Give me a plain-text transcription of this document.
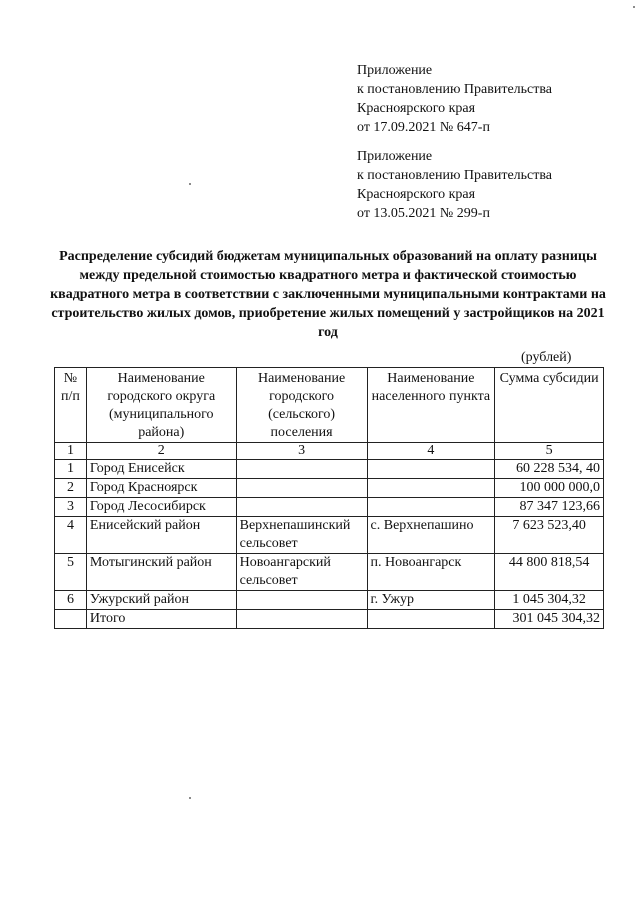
Приложение
к постановлению Правительства
Красноярского края
от 17.09.2021 № 647-п
Приложение
к постановлению Правительства
Красноярского края
от 13.05.2021 № 299-п
Распределение субсидий бюджетам муниципальных образований на оплату разницы между предельной стоимостью квадратного метра и фактической стоимостью квадратного метра в соответствии с заключенными муниципальными контрактами на строительство жилых домов, приобретение жилых помещений у застройщиков на 2021 год
(рублей)
№ п/п	Наименование городского округа (муниципального района)	Наименование городского (сельского) поселения	Наименование населенного пункта	Сумма субсидии
1	2	3	4	5
1	Город Енисейск			60 228 534, 40
2	Город Красноярск			100 000 000,0
3	Город Лесосибирск			87 347 123,66
4	Енисейский район	Верхнепашинский сельсовет	с. Верхнепашино	7 623 523,40
5	Мотыгинский район	Новоангарский сельсовет	п. Новоангарск	44 800 818,54
6	Ужурский район		г. Ужур	1 045 304,32
	Итого			301 045 304,32
